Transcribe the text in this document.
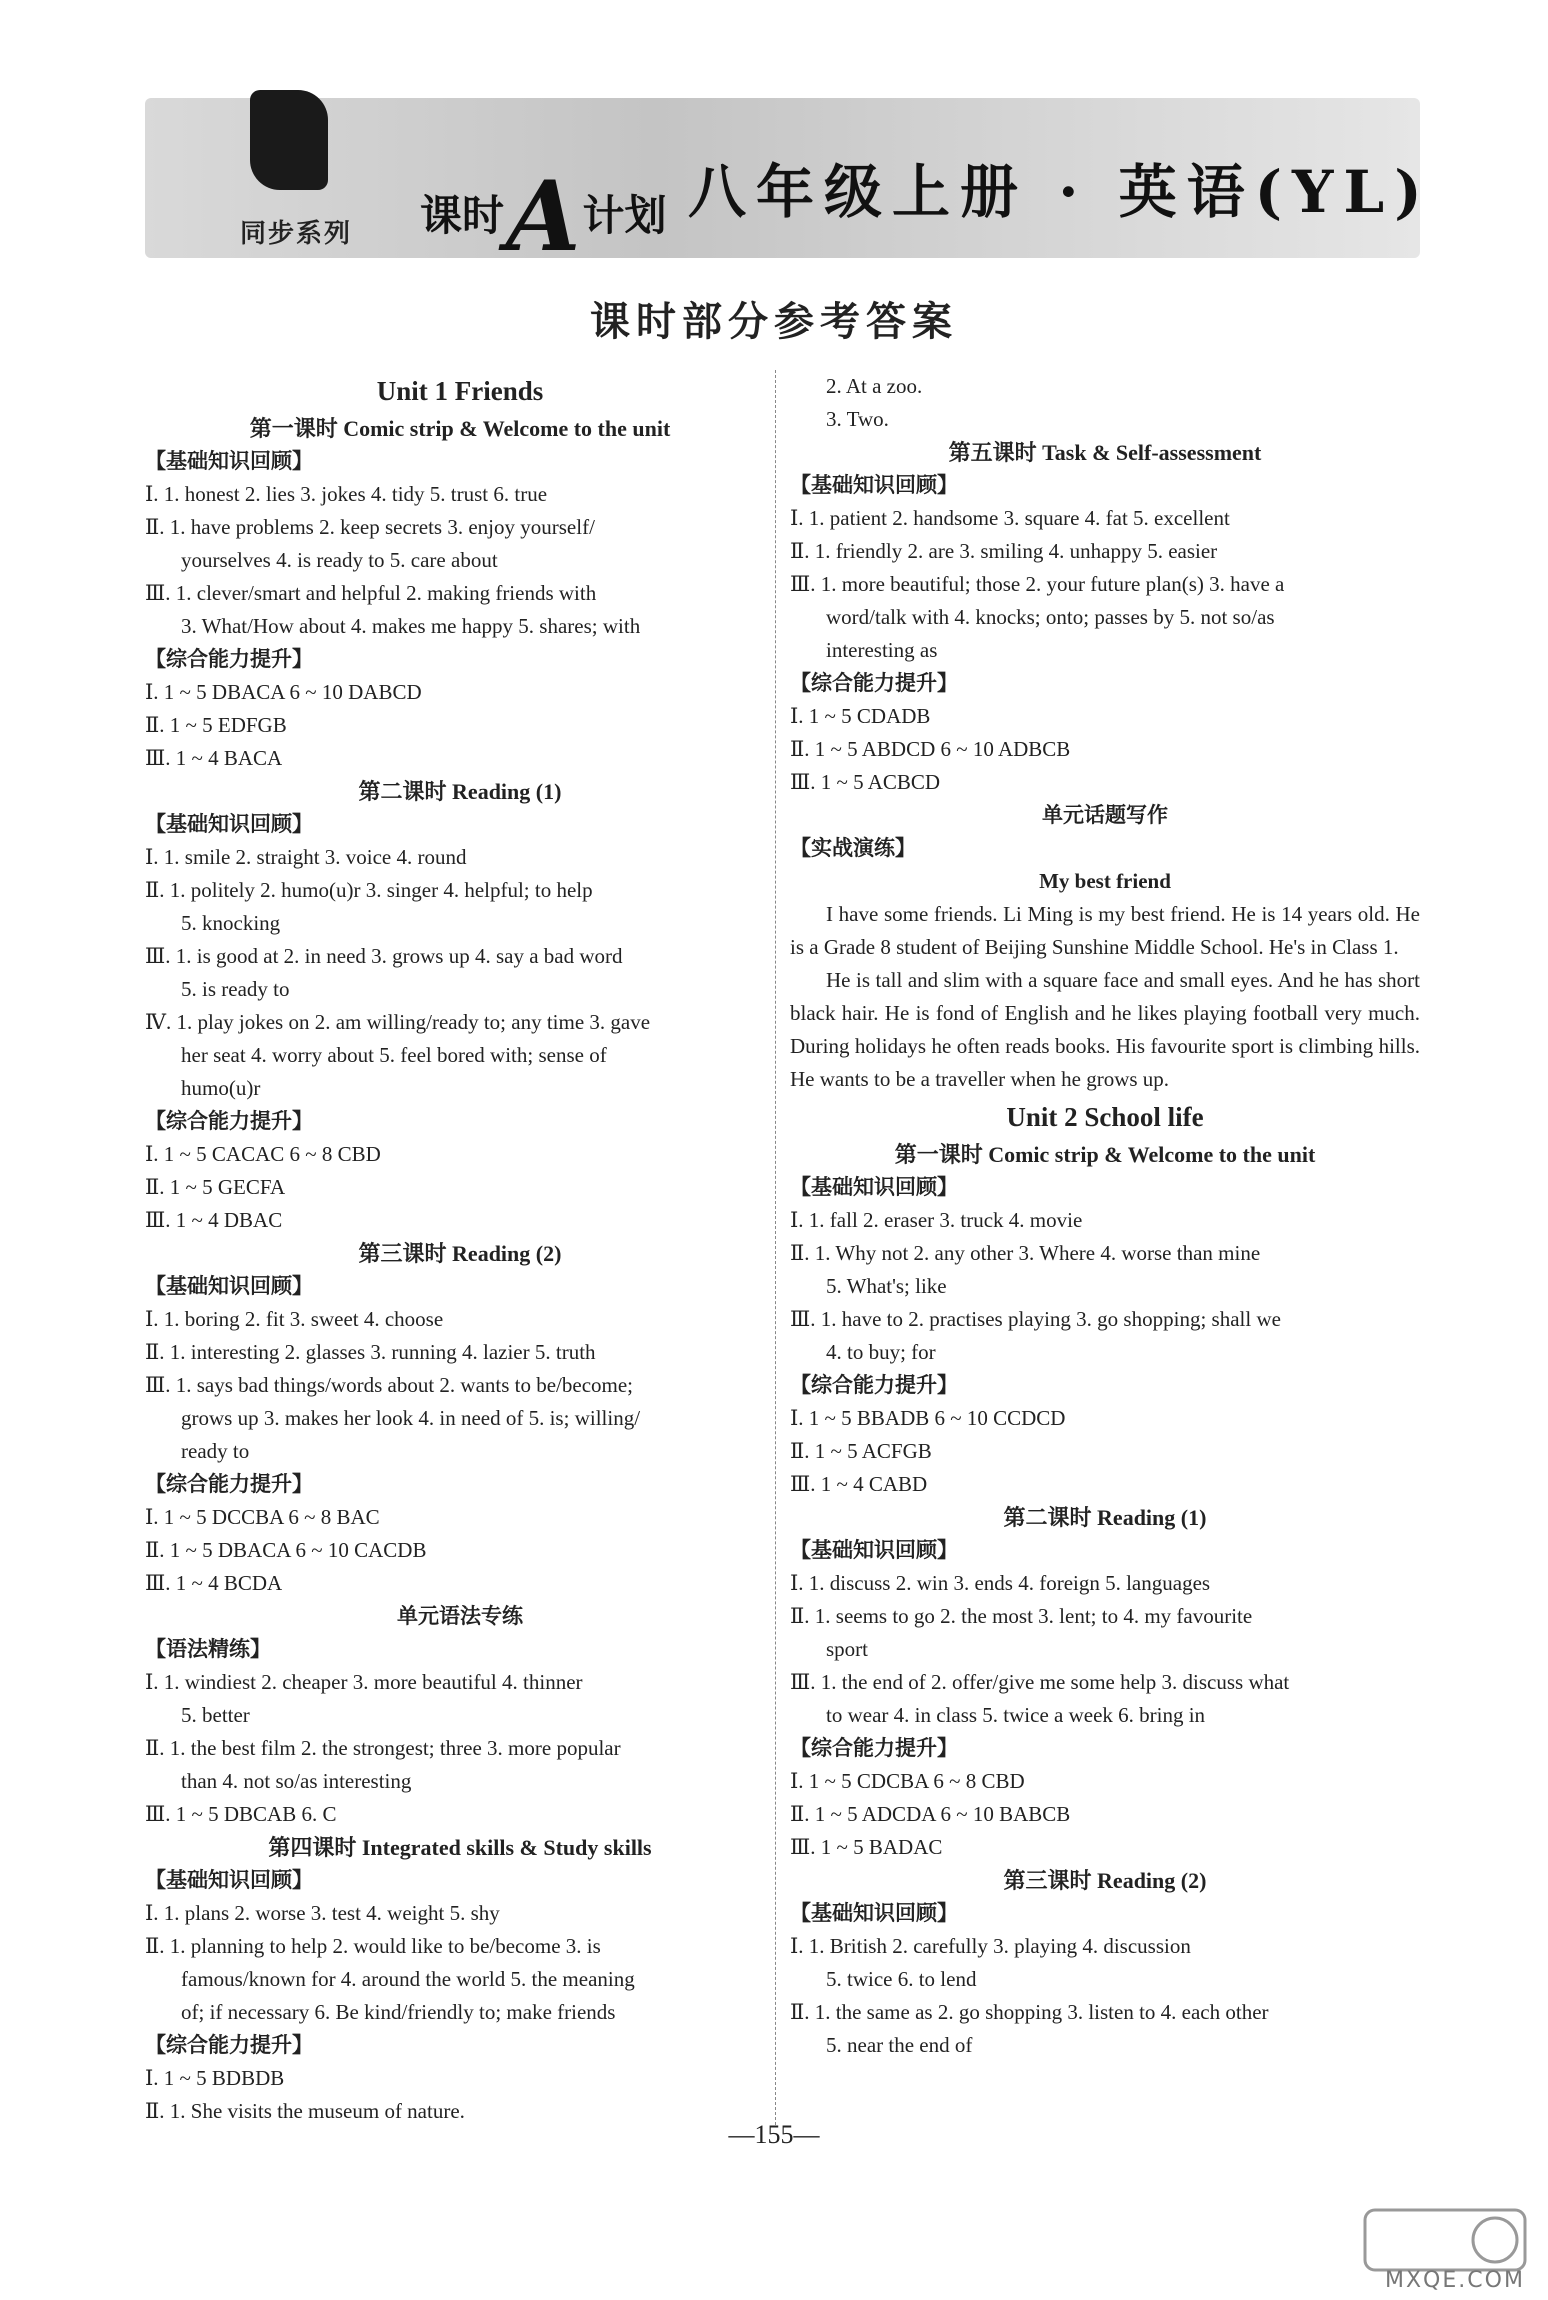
同步系列 课时A计划 八年级上册 · 英语(YL)
课时部分参考答案
Unit 1 Friends
第一课时 Comic strip & Welcome to the unit
【基础知识回顾】
Ⅰ. 1. honest 2. lies 3. jokes 4. tidy 5. trust 6. true
Ⅱ. 1. have problems 2. keep secrets 3. enjoy yourself/
yourselves 4. is ready to 5. care about
Ⅲ. 1. clever/smart and helpful 2. making friends with
3. What/How about 4. makes me happy 5. shares; with
【综合能力提升】
Ⅰ. 1 ~ 5 DBACA 6 ~ 10 DABCD
Ⅱ. 1 ~ 5 EDFGB
Ⅲ. 1 ~ 4 BACA
第二课时 Reading (1)
【基础知识回顾】
Ⅰ. 1. smile 2. straight 3. voice 4. round
Ⅱ. 1. politely 2. humo(u)r 3. singer 4. helpful; to help
5. knocking
Ⅲ. 1. is good at 2. in need 3. grows up 4. say a bad word
5. is ready to
Ⅳ. 1. play jokes on 2. am willing/ready to; any time 3. gave
her seat 4. worry about 5. feel bored with; sense of
humo(u)r
【综合能力提升】
Ⅰ. 1 ~ 5 CACAC 6 ~ 8 CBD
Ⅱ. 1 ~ 5 GECFA
Ⅲ. 1 ~ 4 DBAC
第三课时 Reading (2)
【基础知识回顾】
Ⅰ. 1. boring 2. fit 3. sweet 4. choose
Ⅱ. 1. interesting 2. glasses 3. running 4. lazier 5. truth
Ⅲ. 1. says bad things/words about 2. wants to be/become;
grows up 3. makes her look 4. in need of 5. is; willing/
ready to
【综合能力提升】
Ⅰ. 1 ~ 5 DCCBA 6 ~ 8 BAC
Ⅱ. 1 ~ 5 DBACA 6 ~ 10 CACDB
Ⅲ. 1 ~ 4 BCDA
单元语法专练
【语法精练】
Ⅰ. 1. windiest 2. cheaper 3. more beautiful 4. thinner
5. better
Ⅱ. 1. the best film 2. the strongest; three 3. more popular
than 4. not so/as interesting
Ⅲ. 1 ~ 5 DBCAB 6. C
第四课时 Integrated skills & Study skills
【基础知识回顾】
Ⅰ. 1. plans 2. worse 3. test 4. weight 5. shy
Ⅱ. 1. planning to help 2. would like to be/become 3. is
famous/known for 4. around the world 5. the meaning
of; if necessary 6. Be kind/friendly to; make friends
【综合能力提升】
Ⅰ. 1 ~ 5 BDBDB
Ⅱ. 1. She visits the museum of nature.
2. At a zoo.
3. Two.
第五课时 Task & Self-assessment
【基础知识回顾】
Ⅰ. 1. patient 2. handsome 3. square 4. fat 5. excellent
Ⅱ. 1. friendly 2. are 3. smiling 4. unhappy 5. easier
Ⅲ. 1. more beautiful; those 2. your future plan(s) 3. have a
word/talk with 4. knocks; onto; passes by 5. not so/as
interesting as
【综合能力提升】
Ⅰ. 1 ~ 5 CDADB
Ⅱ. 1 ~ 5 ABDCD 6 ~ 10 ADBCB
Ⅲ. 1 ~ 5 ACBCD
单元话题写作
【实战演练】
My best friend
I have some friends. Li Ming is my best friend. He is 14 years old. He is a Grade 8 student of Beijing Sunshine Middle School. He's in Class 1.
He is tall and slim with a square face and small eyes. And he has short black hair. He is fond of English and he likes playing football very much. During holidays he often reads books. His favourite sport is climbing hills. He wants to be a traveller when he grows up.
Unit 2 School life
第一课时 Comic strip & Welcome to the unit
【基础知识回顾】
Ⅰ. 1. fall 2. eraser 3. truck 4. movie
Ⅱ. 1. Why not 2. any other 3. Where 4. worse than mine
5. What's; like
Ⅲ. 1. have to 2. practises playing 3. go shopping; shall we
4. to buy; for
【综合能力提升】
Ⅰ. 1 ~ 5 BBADB 6 ~ 10 CCDCD
Ⅱ. 1 ~ 5 ACFGB
Ⅲ. 1 ~ 4 CABD
第二课时 Reading (1)
【基础知识回顾】
Ⅰ. 1. discuss 2. win 3. ends 4. foreign 5. languages
Ⅱ. 1. seems to go 2. the most 3. lent; to 4. my favourite
sport
Ⅲ. 1. the end of 2. offer/give me some help 3. discuss what
to wear 4. in class 5. twice a week 6. bring in
【综合能力提升】
Ⅰ. 1 ~ 5 CDCBA 6 ~ 8 CBD
Ⅱ. 1 ~ 5 ADCDA 6 ~ 10 BABCB
Ⅲ. 1 ~ 5 BADAC
第三课时 Reading (2)
【基础知识回顾】
Ⅰ. 1. British 2. carefully 3. playing 4. discussion
5. twice 6. to lend
Ⅱ. 1. the same as 2. go shopping 3. listen to 4. each other
5. near the end of
—155—
MXQE.COM
